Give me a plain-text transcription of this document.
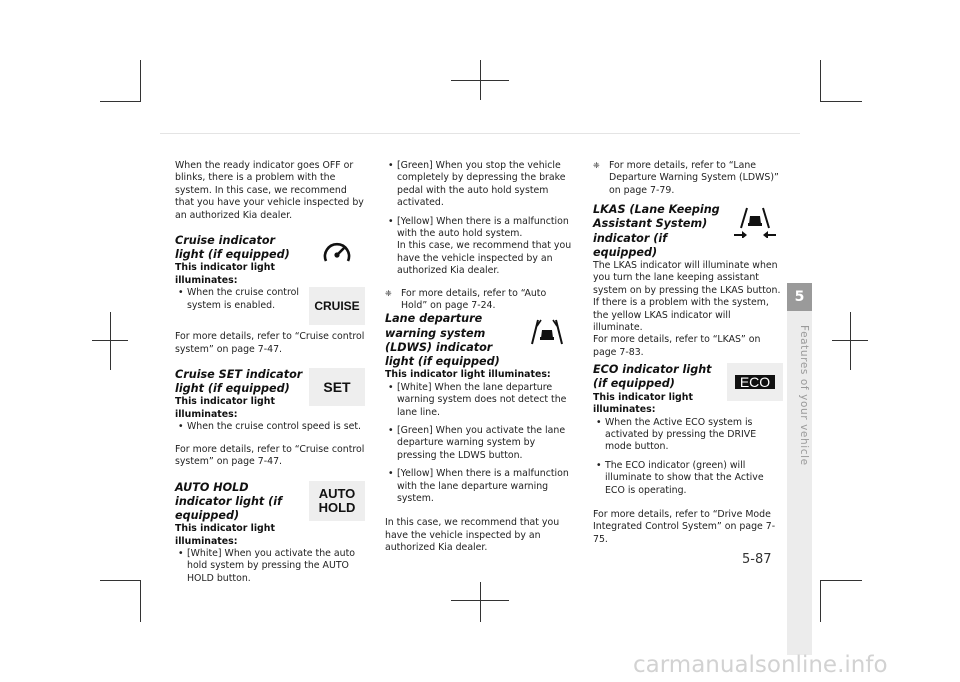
When the ready indicator goes OFF or blinks, there is a problem with the system. In this case, we recommend that you have your vehicle inspected by an authorized Kia dealer.

Cruise indicator light (if equipped)

This indicator light illuminates:

• When the cruise control system is enabled.	CRUISE

For more details, refer to “Cruise control system” on page 7-47.

Cruise SET indicator light (if equipped)

This indicator light illuminates:

SET

• When the cruise control speed is set.

For more details, refer to “Cruise control system” on page 7-47.

AUTO HOLD indicator light (if equipped)

This indicator light illuminates:

AUTO
HOLD

• [White] When you activate the auto hold system by pressing the AUTO HOLD button.

• [Green] When you stop the vehicle completely by depressing the brake pedal with the auto hold system activated.

• [Yellow] When there is a malfunction with the auto hold system.

In this case, we recommend that you have the vehicle inspected by an authorized Kia dealer.

❈ For more details, refer to “Auto Hold” on page 7-24.

Lane departure warning system (LDWS) indicator light (if equipped)

This indicator light illuminates:

• [White] When the lane departure warning system does not detect the lane line.

• [Green] When you activate the lane departure warning system by pressing the LDWS button.

• [Yellow] When there is a malfunction with the lane departure warning system.

In this case, we recommend that you have the vehicle inspected by an authorized Kia dealer.

❈ For more details, refer to “Lane Departure Warning System (LDWS)” on page 7-79.

LKAS (Lane Keeping Assistant System) indicator (if equipped)

The LKAS indicator will illuminate when you turn the lane keeping assistant system on by pressing the LKAS button.

If there is a problem with the system, the yellow LKAS indicator will illuminate.

For more details, refer to “LKAS” on page 7-83.

ECO indicator light (if equipped)

This indicator light illuminates:

ECO

• When the Active ECO system is activated by pressing the DRIVE mode button.

• The ECO indicator (green) will illuminate to show that the Active ECO is operating.

For more details, refer to “Drive Mode Integrated Control System” on page 7-75.

5
Features of your vehicle
5-87
carmanualsonline.info
